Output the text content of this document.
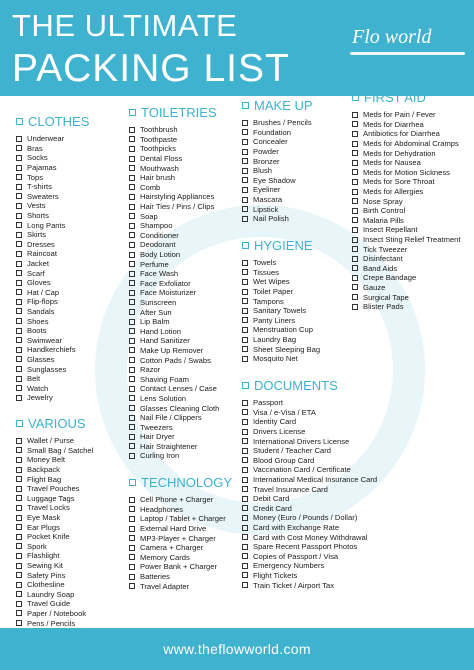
THE ULTIMATE
PACKING LIST
Flo world
CLOTHES
Underwear
Bras
Socks
Pajamas
Tops
T-shirts
Sweaters
Vests
Shorts
Long Pants
Skirts
Dresses
Raincoat
Jacket
Scarf
Gloves
Hat / Cap
Flip-flops
Sandals
Shoes
Boots
Swimwear
Handkerchiefs
Glasses
Sunglasses
Belt
Watch
Jewelry
VARIOUS
Wallet / Purse
Small Bag / Satchel
Money Belt
Backpack
Flight Bag
Travel Pouches
Luggage Tags
Travel Locks
Eye Mask
Ear Plugs
Pocket Knife
Spork
Flashlight
Sewing Kit
Safety Pins
Clothesline
Laundry Soap
Travel Guide
Paper / Notebook
Pens / Pencils
TOILETRIES
Toothbrush
Toothpaste
Toothpicks
Dental Floss
Mouthwash
Hair brush
Comb
Hairstyling Appliances
Hair Ties / Pins / Clips
Soap
Shampoo
Conditioner
Deodorant
Body Lotion
Perfume
Face Wash
Face Exfoliator
Face Moisturizer
Sunscreen
After Sun
Lip Balm
Hand Lotion
Hand Sanitizer
Make Up Remover
Cotton Pads / Swabs
Razor
Shaving Foam
Contact Lenses / Case
Lens Solution
Glasses Cleaning Cloth
Nail File / Clippers
Tweezers
Hair Dryer
Hair Straightener
Curling Iron
TECHNOLOGY
Cell Phone + Charger
Headphones
Laptop / Tablet + Charger
External Hard Drive
MP3-Player + Charger
Camera + Charger
Memory Cards
Power Bank + Charger
Batteries
Travel Adapter
MAKE UP
Brushes / Pencils
Foundation
Concealer
Powder
Bronzer
Blush
Eye Shadow
Eyeliner
Mascara
Lipstick
Nail Polish
HYGIENE
Towels
Tissues
Wet Wipes
Toilet Paper
Tampons
Sanitary Towels
Panty Liners
Menstruation Cup
Laundry Bag
Sheet Sleeping Bag
Mosquito Net
DOCUMENTS
Passport
Visa / e-Visa / ETA
Identity Card
Drivers License
International Drivers License
Student / Teacher Card
Blood Group Card
Vaccination Card / Certificate
International Medical Insurance Card
Travel Insurance Card
Debit Card
Credit Card
Money (Euro / Pounds / Dollar)
Card with Exchange Rate
Card with Cost Money Withdrawal
Spare Recent Passport Photos
Copies of Passport / Visa
Emergency Numbers
Flight Tickets
Train Ticket / Airport Tax
FIRST AID
Meds for Pain / Fever
Meds for Diarrhea
Antibiotics for Diarrhea
Meds for Abdominal Cramps
Meds for Dehydration
Meds for Nausea
Meds for Motion Sickness
Meds for Sore Throat
Meds for Allergies
Nose Spray
Birth Control
Malaria Pills
Insect Repellant
Insect Sting Relief Treatment
Tick Tweezer
Disinfectant
Band Aids
Crepe Bandage
Gauze
Surgical Tape
Blister Pads
www.theflowworld.com
